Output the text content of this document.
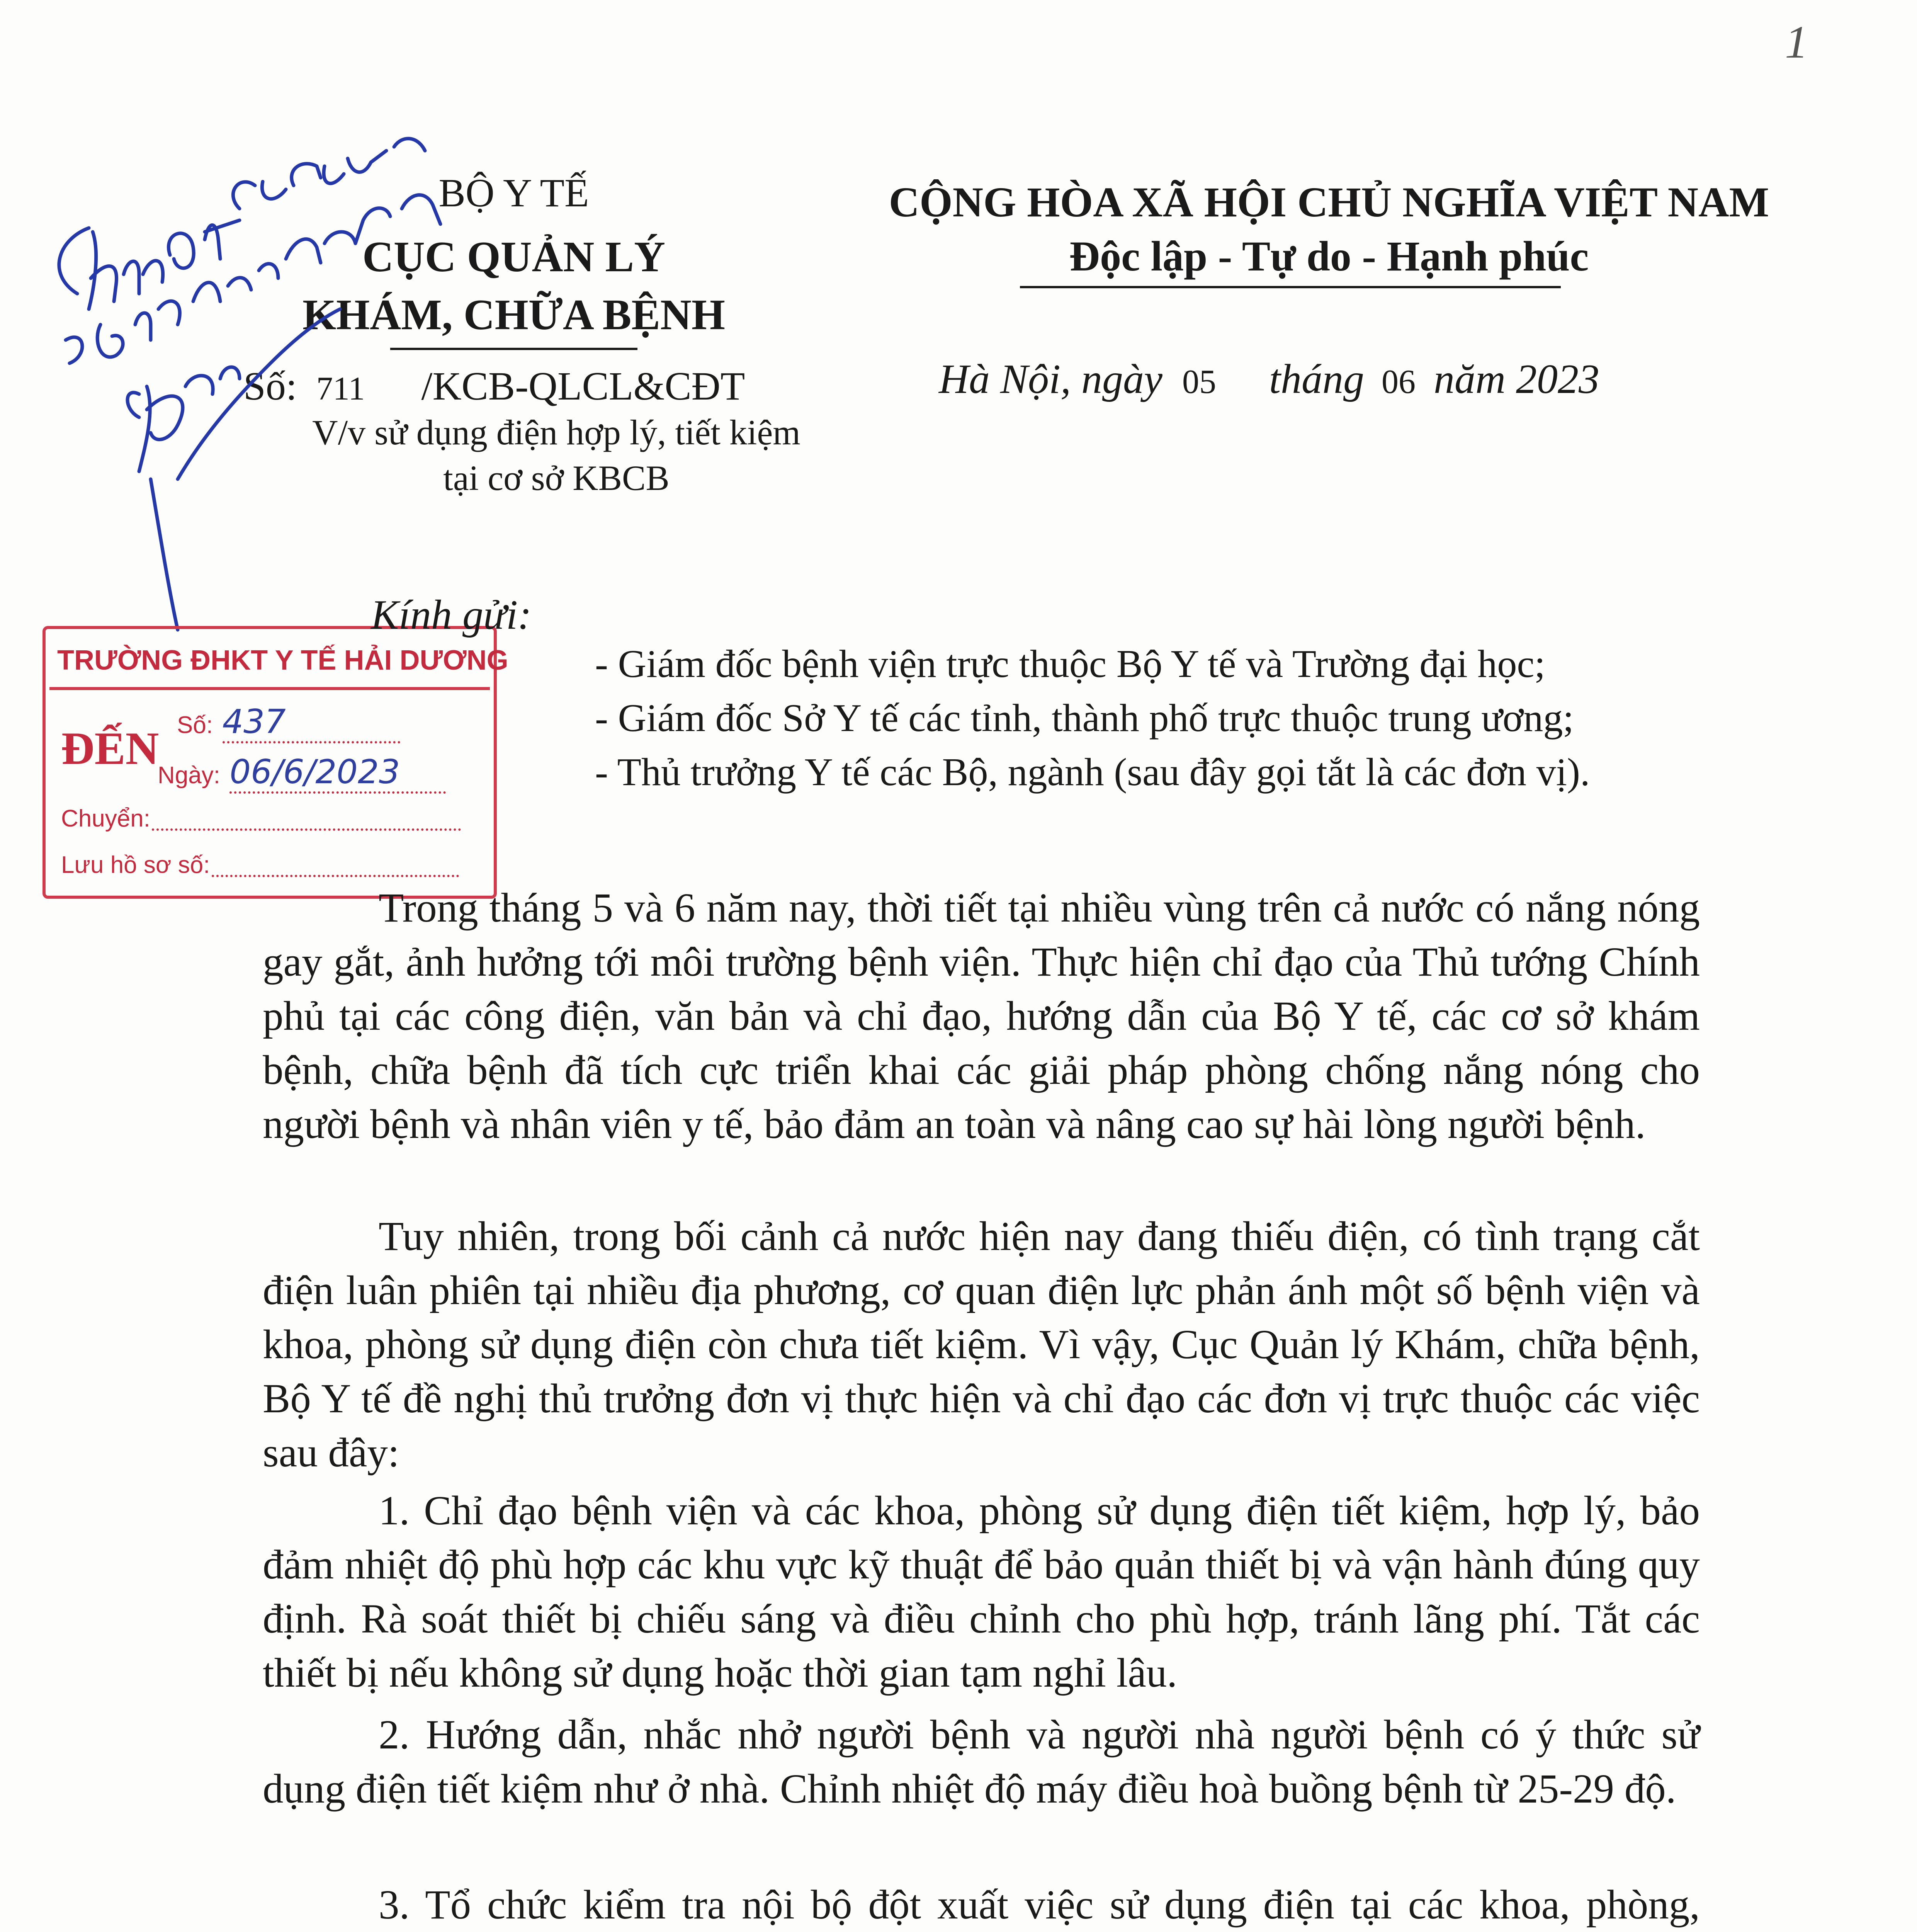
1
BỘ Y TẾ
CỤC QUẢN LÝ
KHÁM, CHỮA BỆNH
Số: 711 /KCB-QLCL&CĐT
V/v sử dụng điện hợp lý, tiết kiệm
tại cơ sở KBCB
CỘNG HÒA XÃ HỘI CHỦ NGHĨA VIỆT NAM
Độc lập - Tự do - Hạnh phúc
Hà Nội, ngày 05 tháng 06 năm 2023
TRƯỜNG ĐHKT Y TẾ HẢI DƯƠNG
ĐẾN Số: 437
Ngày: 06/6/2023
Chuyển:
Lưu hồ sơ số:
Kính gửi:
- Giám đốc bệnh viện trực thuộc Bộ Y tế và Trường đại học;
- Giám đốc Sở Y tế các tỉnh, thành phố trực thuộc trung ương;
- Thủ trưởng Y tế các Bộ, ngành (sau đây gọi tắt là các đơn vị).
Trong tháng 5 và 6 năm nay, thời tiết tại nhiều vùng trên cả nước có nắng nóng gay gắt, ảnh hưởng tới môi trường bệnh viện. Thực hiện chỉ đạo của Thủ tướng Chính phủ tại các công điện, văn bản và chỉ đạo, hướng dẫn của Bộ Y tế, các cơ sở khám bệnh, chữa bệnh đã tích cực triển khai các giải pháp phòng chống nắng nóng cho người bệnh và nhân viên y tế, bảo đảm an toàn và nâng cao sự hài lòng người bệnh.
Tuy nhiên, trong bối cảnh cả nước hiện nay đang thiếu điện, có tình trạng cắt điện luân phiên tại nhiều địa phương, cơ quan điện lực phản ánh một số bệnh viện và khoa, phòng sử dụng điện còn chưa tiết kiệm. Vì vậy, Cục Quản lý Khám, chữa bệnh, Bộ Y tế đề nghị thủ trưởng đơn vị thực hiện và chỉ đạo các đơn vị trực thuộc các việc sau đây:
1. Chỉ đạo bệnh viện và các khoa, phòng sử dụng điện tiết kiệm, hợp lý, bảo đảm nhiệt độ phù hợp các khu vực kỹ thuật để bảo quản thiết bị và vận hành đúng quy định. Rà soát thiết bị chiếu sáng và điều chỉnh cho phù hợp, tránh lãng phí. Tắt các thiết bị nếu không sử dụng hoặc thời gian tạm nghỉ lâu.
2. Hướng dẫn, nhắc nhở người bệnh và người nhà người bệnh có ý thức sử dụng điện tiết kiệm như ở nhà. Chỉnh nhiệt độ máy điều hoà buồng bệnh từ 25-29 độ.
3. Tổ chức kiểm tra nội bộ đột xuất việc sử dụng điện tại các khoa, phòng,
